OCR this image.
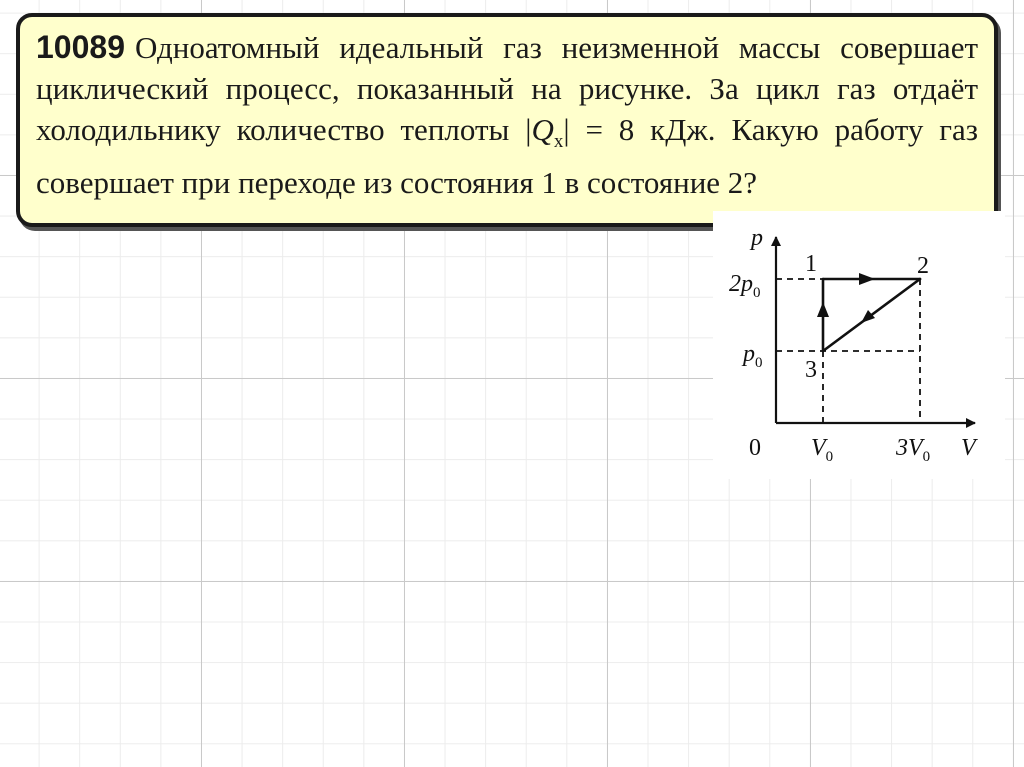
10089 Одноатомный идеальный газ неизменной массы совершает циклический процесс, показанный на рисунке. За цикл газ отдаёт холодильнику количество теплоты $|Q_х| = 8$ кДж. Какую работу газ совершает при переходе из состояния 1 в состояние 2?

p
V
0
$2p_0$
$p_0$
$V_0$	$3V_0$
1	2
3
